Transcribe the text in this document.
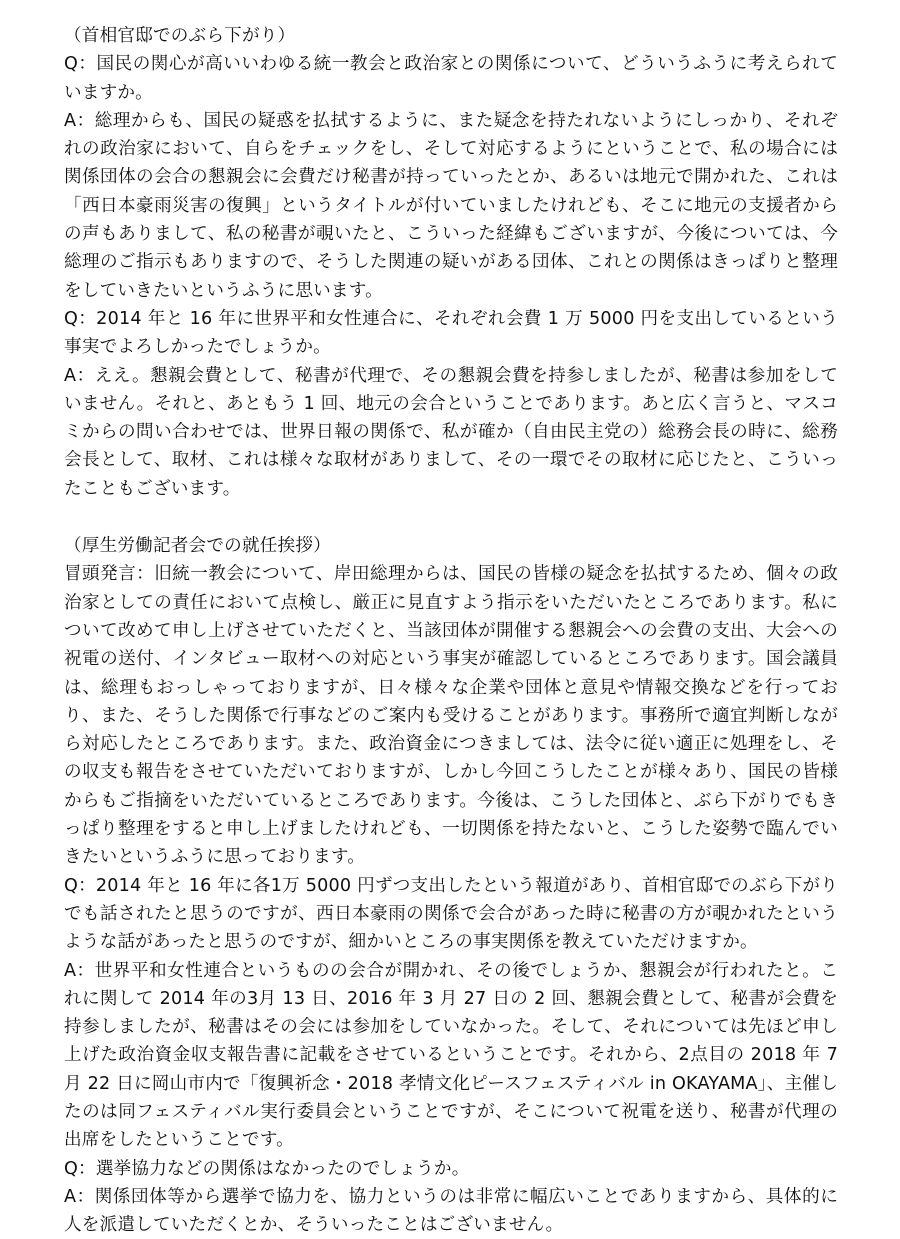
（首相官邸でのぶら下がり）

Q：国民の関心が高いいわゆる統一教会と政治家との関係について、どういうふうに考えられていますか。

A：総理からも、国民の疑惑を払拭するように、また疑念を持たれないようにしっかり、それぞれの政治家において、自らをチェックをし、そして対応するようにということで、私の場合には関係団体の会合の懇親会に会費だけ秘書が持っていったとか、あるいは地元で開かれた、これは「西日本豪雨災害の復興」というタイトルが付いていましたけれども、そこに地元の支援者からの声もありまして、私の秘書が覗いたと、こういった経緯もございますが、今後については、今総理のご指示もありますので、そうした関連の疑いがある団体、これとの関係はきっぱりと整理をしていきたいというふうに思います。

Q：2014 年と 16 年に世界平和女性連合に、それぞれ会費 1 万 5000 円を支出しているという事実でよろしかったでしょうか。

A：ええ。懇親会費として、秘書が代理で、その懇親会費を持参しましたが、秘書は参加をしていません。それと、あともう 1 回、地元の会合ということであります。あと広く言うと、マスコミからの問い合わせでは、世界日報の関係で、私が確か（自由民主党の）総務会長の時に、総務会長として、取材、これは様々な取材がありまして、その一環でその取材に応じたと、こういったこともございます。

（厚生労働記者会での就任挨拶）

冒頭発言：旧統一教会について、岸田総理からは、国民の皆様の疑念を払拭するため、個々の政治家としての責任において点検し、厳正に見直すよう指示をいただいたところであります。私について改めて申し上げさせていただくと、当該団体が開催する懇親会への会費の支出、大会への祝電の送付、インタビュー取材への対応という事実が確認しているところであります。国会議員は、総理もおっしゃっておりますが、日々様々な企業や団体と意見や情報交換などを行っており、また、そうした関係で行事などのご案内も受けることがあります。事務所で適宜判断しながら対応したところであります。また、政治資金につきましては、法令に従い適正に処理をし、その収支も報告をさせていただいておりますが、しかし今回こうしたことが様々あり、国民の皆様からもご指摘をいただいているところであります。今後は、こうした団体と、ぶら下がりでもきっぱり整理をすると申し上げましたけれども、一切関係を持たないと、こうした姿勢で臨んでいきたいというふうに思っております。

Q：2014 年と 16 年に各1万 5000 円ずつ支出したという報道があり、首相官邸でのぶら下がりでも話されたと思うのですが、西日本豪雨の関係で会合があった時に秘書の方が覗かれたというような話があったと思うのですが、細かいところの事実関係を教えていただけますか。

A：世界平和女性連合というものの会合が開かれ、その後でしょうか、懇親会が行われたと。これに関して 2014 年の3月 13 日、2016 年 3 月 27 日の 2 回、懇親会費として、秘書が会費を持参しましたが、秘書はその会には参加をしていなかった。そして、それについては先ほど申し上げた政治資金収支報告書に記載をさせているということです。それから、2点目の 2018 年 7 月 22 日に岡山市内で「復興祈念・2018 孝情文化ピースフェスティバル in OKAYAMA」、主催したのは同フェスティバル実行委員会ということですが、そこについて祝電を送り、秘書が代理の出席をしたということです。

Q：選挙協力などの関係はなかったのでしょうか。

A：関係団体等から選挙で協力を、協力というのは非常に幅広いことでありますから、具体的に人を派遣していただくとか、そういったことはございません。
